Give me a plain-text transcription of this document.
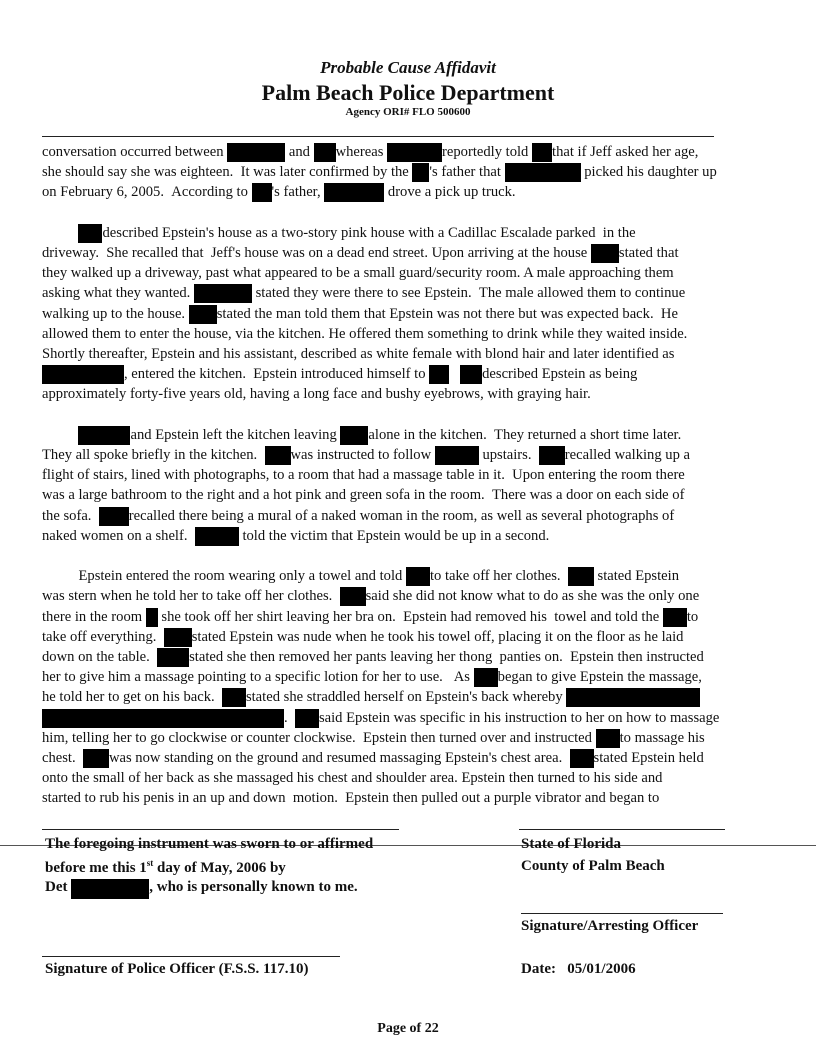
Probable Cause Affidavit
Palm Beach Police Department
Agency ORI# FLO 500600
conversation occurred between	and whereas	reportedly told that if Jeff asked her age,
she should say she was eighteen.  It was later confirmed by the 's father that	picked his daughter up
on February 6, 2005.  According to 's father,	drove a pick up truck.
described Epstein's house as a two-story pink house with a Cadillac Escalade parked  in the
driveway.  She recalled that  Jeff's house was on a dead end street. Upon arriving at the house stated that
they walked up a driveway, past what appeared to be a small guard/security room. A male approaching them
asking what they wanted.	stated they were there to see Epstein.  The male allowed them to continue
walking up to the house. stated the man told them that Epstein was not there but was expected back.  He
allowed them to enter the house, via the kitchen. He offered them something to drink while they waited inside.
Shortly thereafter, Epstein and his assistant, described as white female with blond hair and later identified as
, entered the kitchen.  Epstein introduced himself to	described Epstein as being
approximately forty-five years old, having a long face and bushy eyebrows, with graying hair.
and Epstein left the kitchen leaving alone in the kitchen.  They returned a short time later.
They all spoke briefly in the kitchen.  was instructed to follow	upstairs.  recalled walking up a
flight of stairs, lined with photographs, to a room that had a massage table in it.  Upon entering the room there
was a large bathroom to the right and a hot pink and green sofa in the room.  There was a door on each side of
the sofa.  recalled there being a mural of a naked woman in the room, as well as several photographs of
naked women on a shelf.	told the victim that Epstein would be up in a second.
Epstein entered the room wearing only a towel and told to take off her clothes.   stated Epstein
was stern when he told her to take off her clothes.  said she did not know what to do as she was the only one
there in the room  she took off her shirt leaving her bra on.  Epstein had removed his  towel and told the to
take off everything.  stated Epstein was nude when he took his towel off, placing it on the floor as he laid
down on the table.  stated she then removed her pants leaving her thong  panties on.  Epstein then instructed
her to give him a massage pointing to a specific lotion for her to use.   As began to give Epstein the massage,
he told her to get on his back.  stated she straddled herself on Epstein's back whereby
.  said Epstein was specific in his instruction to her on how to massage
him, telling her to go clockwise or counter clockwise.  Epstein then turned over and instructed to massage his
chest.  was now standing on the ground and resumed massaging Epstein's chest area.  stated Epstein held
onto the small of her back as she massaged his chest and shoulder area. Epstein then turned to his side and
started to rub his penis in an up and down  motion.  Epstein then pulled out a purple vibrator and began to
The foregoing instrument was sworn to or affirmed
before me this 1st day of May, 2006 by
Det	, who is personally known to me.
State of Florida
County of Palm Beach
Signature/Arresting Officer
Signature of Police Officer (F.S.S. 117.10)	Date: 05/01/2006
Page of 22
